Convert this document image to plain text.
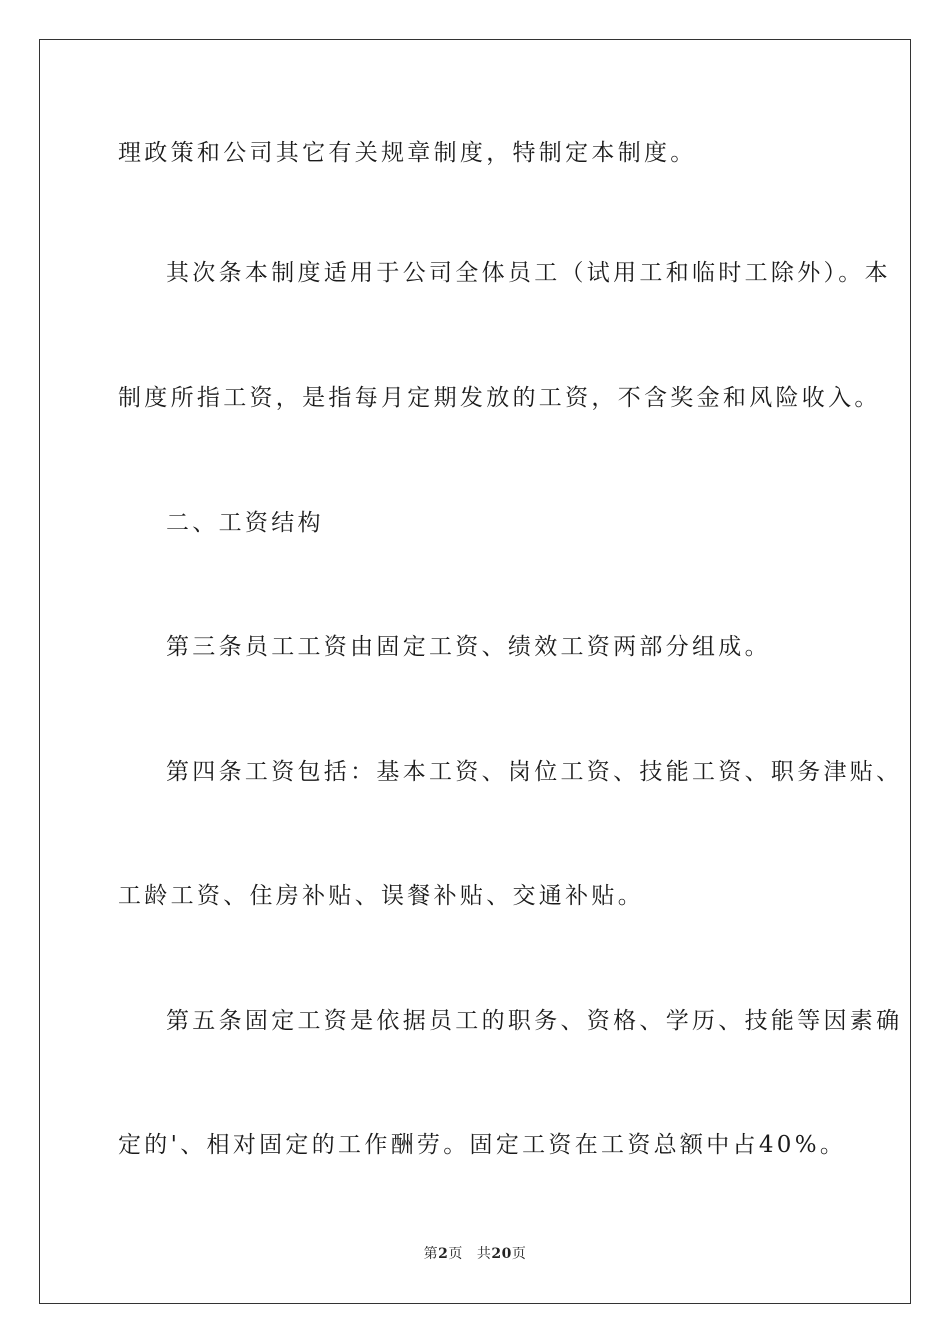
理政策和公司其它有关规章制度，特制定本制度。
其次条本制度适用于公司全体员工（试用工和临时工除外）。本
制度所指工资，是指每月定期发放的工资，不含奖金和风险收入。
二、工资结构
第三条员工工资由固定工资、绩效工资两部分组成。
第四条工资包括：基本工资、岗位工资、技能工资、职务津贴、
工龄工资、住房补贴、误餐补贴、交通补贴。
第五条固定工资是依据员工的职务、资格、学历、技能等因素确
定的'、相对固定的工作酬劳。固定工资在工资总额中占40%。
第2页 共20页
